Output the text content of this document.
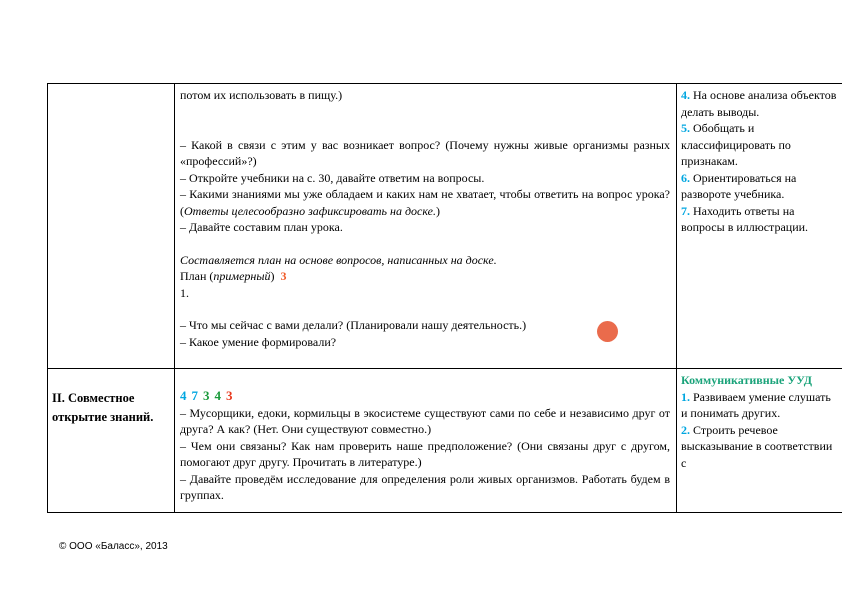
потом их использовать в пищу.)

– Какой в связи с этим у вас возникает вопрос? (Почему нужны живые организмы разных «профессий»?)

– Откройте учебники на с. 30, давайте ответим на вопросы.

– Какими знаниями мы уже обладаем и каких нам не хватает, чтобы ответить на вопрос урока? (Ответы целесообразно зафиксировать на доске.)

– Давайте составим план урока.

Составляется план на основе вопросов, написанных на доске.

План (примерный) 3

1.

– Что мы сейчас с вами делали? (Планировали нашу деятельность.)

– Какое умение формировали?

4. На основе анализа объектов делать выводы.

5. Обобщать и классифицировать по признакам.

6. Ориентироваться на развороте учебника.

7. Находить ответы на вопросы в иллюстрации.

II. Совместное открытие знаний.

4 7 3 4 3

– Мусорщики, едоки, кормильцы в экосистеме существуют сами по себе и независимо друг от друга? А как? (Нет. Они существуют совместно.)

– Чем они связаны? Как нам проверить наше предположение? (Они связаны друг с другом, помогают друг другу. Прочитать в литературе.)

– Давайте проведём исследование для определения роли живых организмов. Работать будем в группах.

Коммуникативные УУД

1. Развиваем умение слушать и понимать других.

2. Строить речевое высказывание в соответствии с

© ООО «Баласс», 2013
